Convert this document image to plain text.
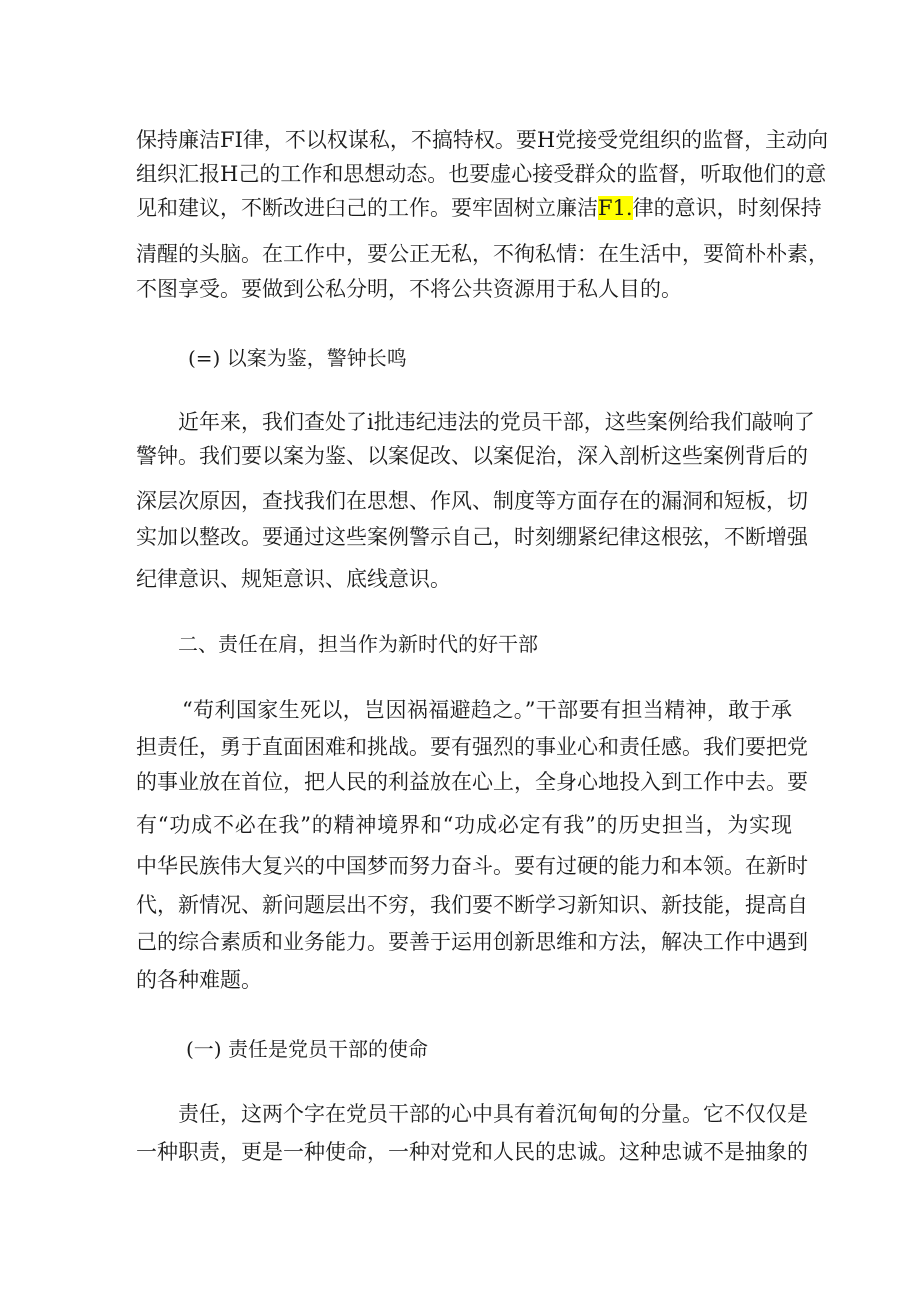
保持廉洁FI律，不以权谋私，不搞特权。要H党接受党组织的监督，主动向
组织汇报H己的工作和思想动态。也要虚心接受群众的监督，听取他们的意
见和建议，不断改进臼己的工作。要牢固树立廉洁F1.律的意识，时刻保持
清醒的头脑。在工作中，要公正无私，不徇私情：在生活中，要简朴朴素，
不图享受。要做到公私分明，不将公共资源用于私人目的。
(=) 以案为鉴，警钟长鸣
近年来，我们查处了i批违纪违法的党员干部，这些案例给我们敲响了
警钟。我们要以案为鉴、以案促改、以案促治，深入剖析这些案例背后的
深层次原因，查找我们在思想、作风、制度等方面存在的漏洞和短板，切
实加以整改。要通过这些案例警示自己，时刻绷紧纪律这根弦，不断增强
纪律意识、规矩意识、底线意识。
二、责任在肩，担当作为新时代的好干部
“苟利国家生死以，岂因祸福避趋之。”干部要有担当精神，敢于承
担责任，勇于直面困难和挑战。要有强烈的事业心和责任感。我们要把党
的事业放在首位，把人民的利益放在心上，全身心地投入到工作中去。要
有“功成不必在我”的精神境界和“功成必定有我”的历史担当，为实现
中华民族伟大复兴的中国梦而努力奋斗。要有过硬的能力和本领。在新时
代，新情况、新问题层出不穷，我们要不断学习新知识、新技能，提高自
己的综合素质和业务能力。要善于运用创新思维和方法，解决工作中遇到
的各种难题。
(一) 责任是党员干部的使命
责任，这两个字在党员干部的心中具有着沉甸甸的分量。它不仅仅是
一种职责，更是一种使命，一种对党和人民的忠诚。这种忠诚不是抽象的
